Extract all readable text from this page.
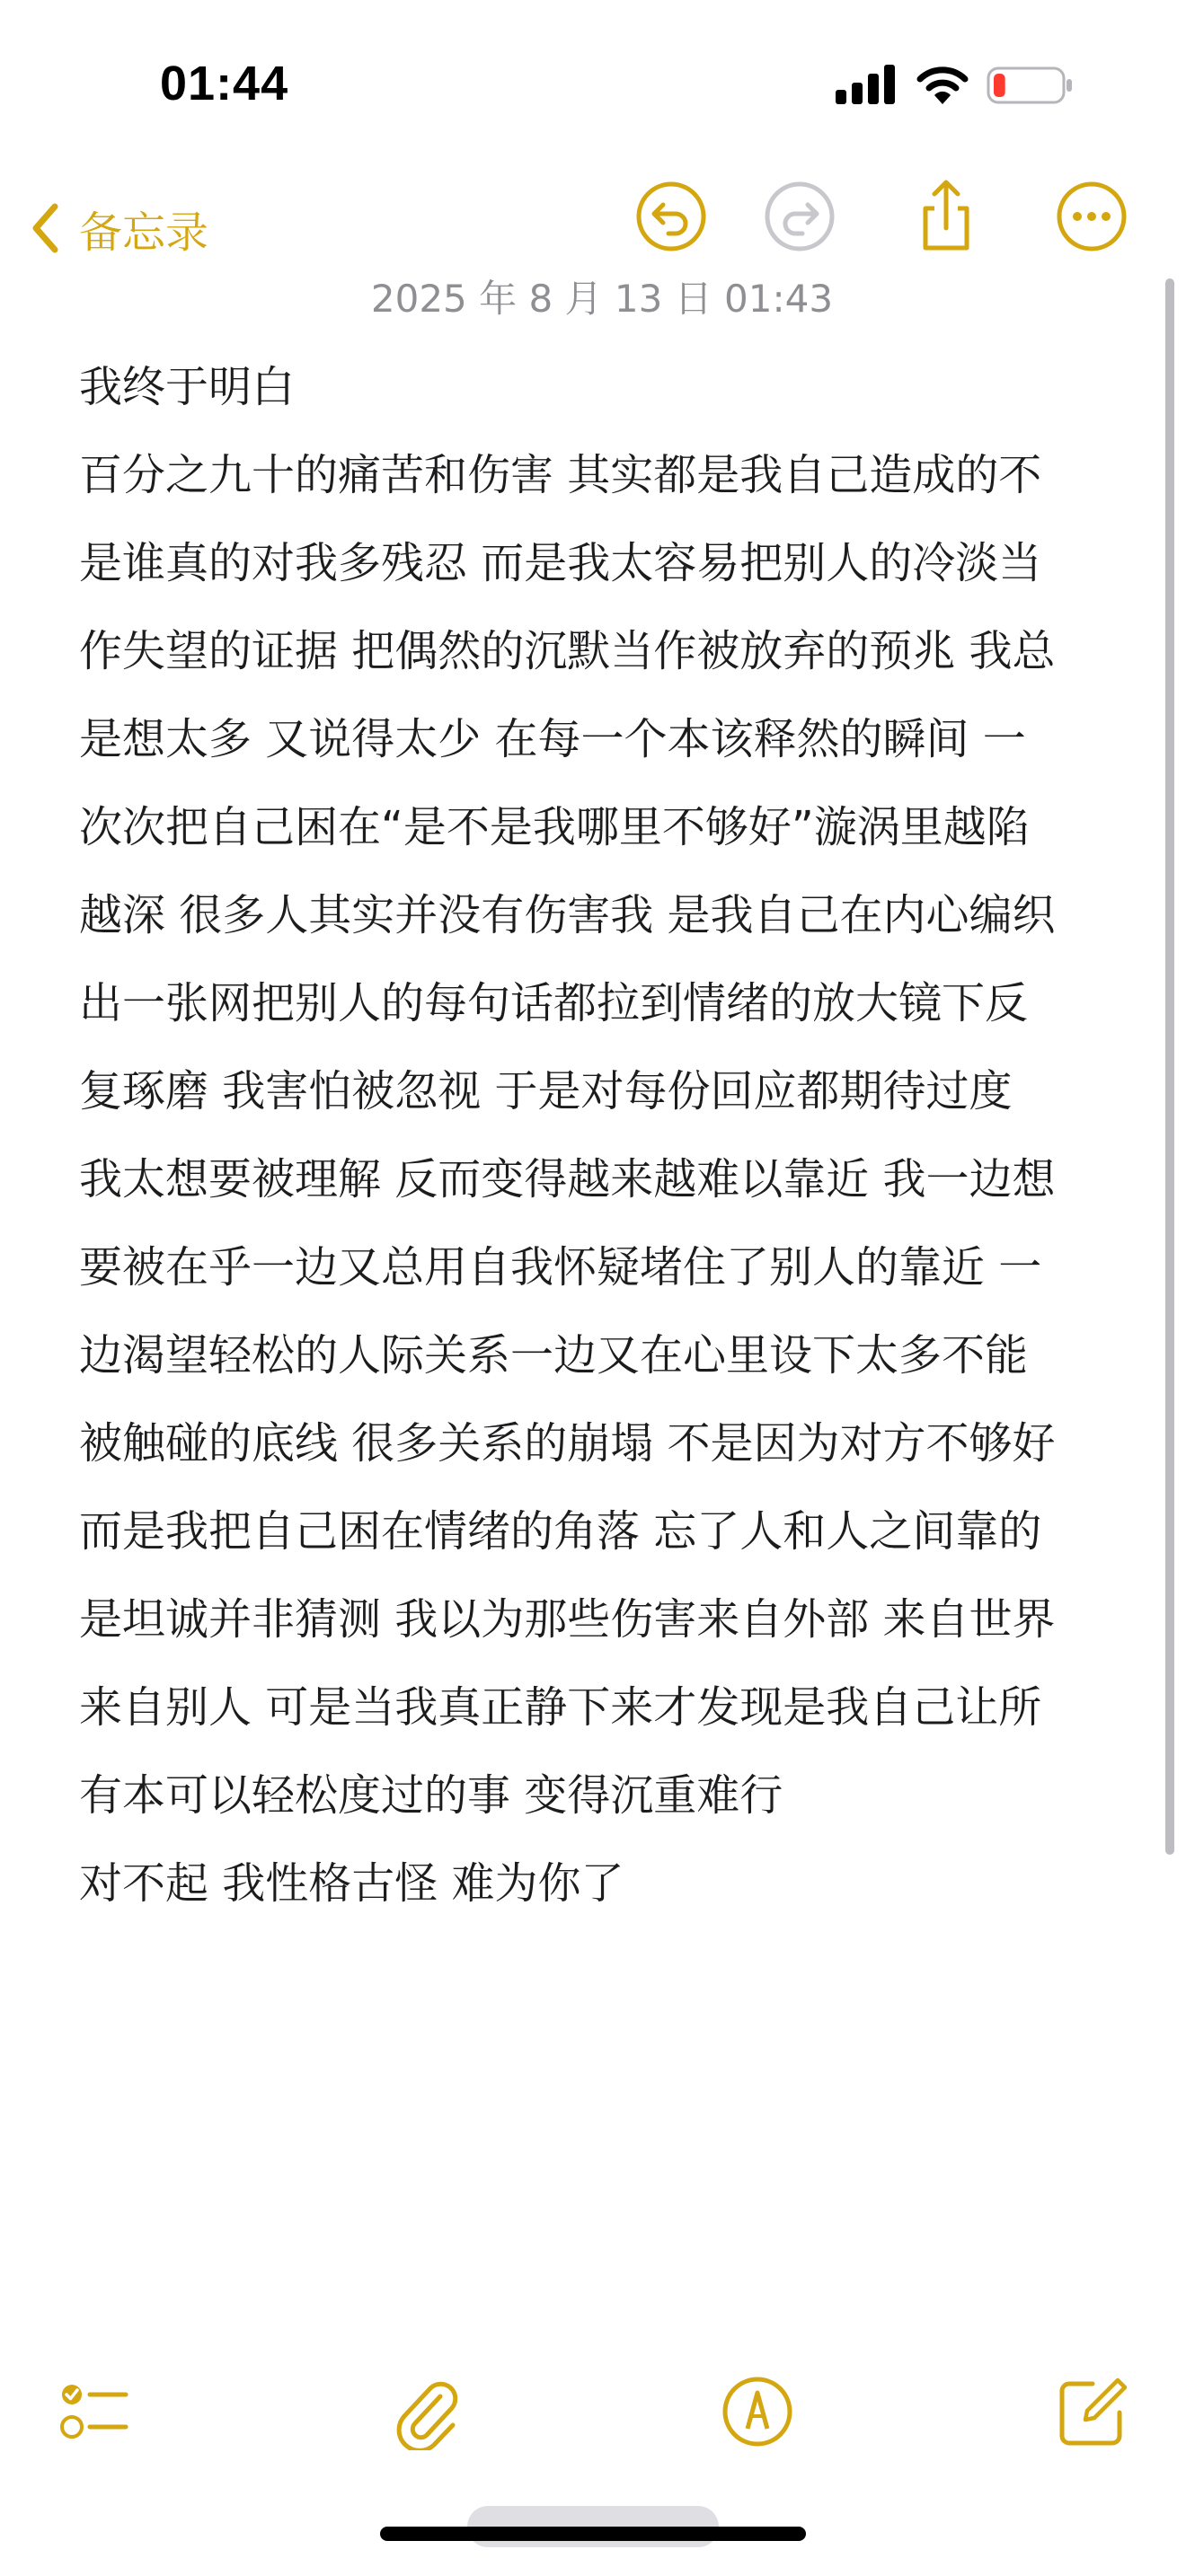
01:44
备忘录
2025 年 8 月 13 日 01:43
我终于明白
百分之九十的痛苦和伤害 其实都是我自己造成的不
是谁真的对我多残忍 而是我太容易把别人的冷淡当
作失望的证据 把偶然的沉默当作被放弃的预兆 我总
是想太多 又说得太少 在每一个本该释然的瞬间 一
次次把自己困在“是不是我哪里不够好”漩涡里越陷
越深 很多人其实并没有伤害我 是我自己在内心编织
出一张网把别人的每句话都拉到情绪的放大镜下反
复琢磨 我害怕被忽视 于是对每份回应都期待过度
我太想要被理解 反而变得越来越难以靠近 我一边想
要被在乎一边又总用自我怀疑堵住了别人的靠近 一
边渴望轻松的人际关系一边又在心里设下太多不能
被触碰的底线 很多关系的崩塌 不是因为对方不够好
而是我把自己困在情绪的角落 忘了人和人之间靠的
是坦诚并非猜测 我以为那些伤害来自外部 来自世界
来自别人 可是当我真正静下来才发现是我自己让所
有本可以轻松度过的事 变得沉重难行
对不起 我性格古怪 难为你了
